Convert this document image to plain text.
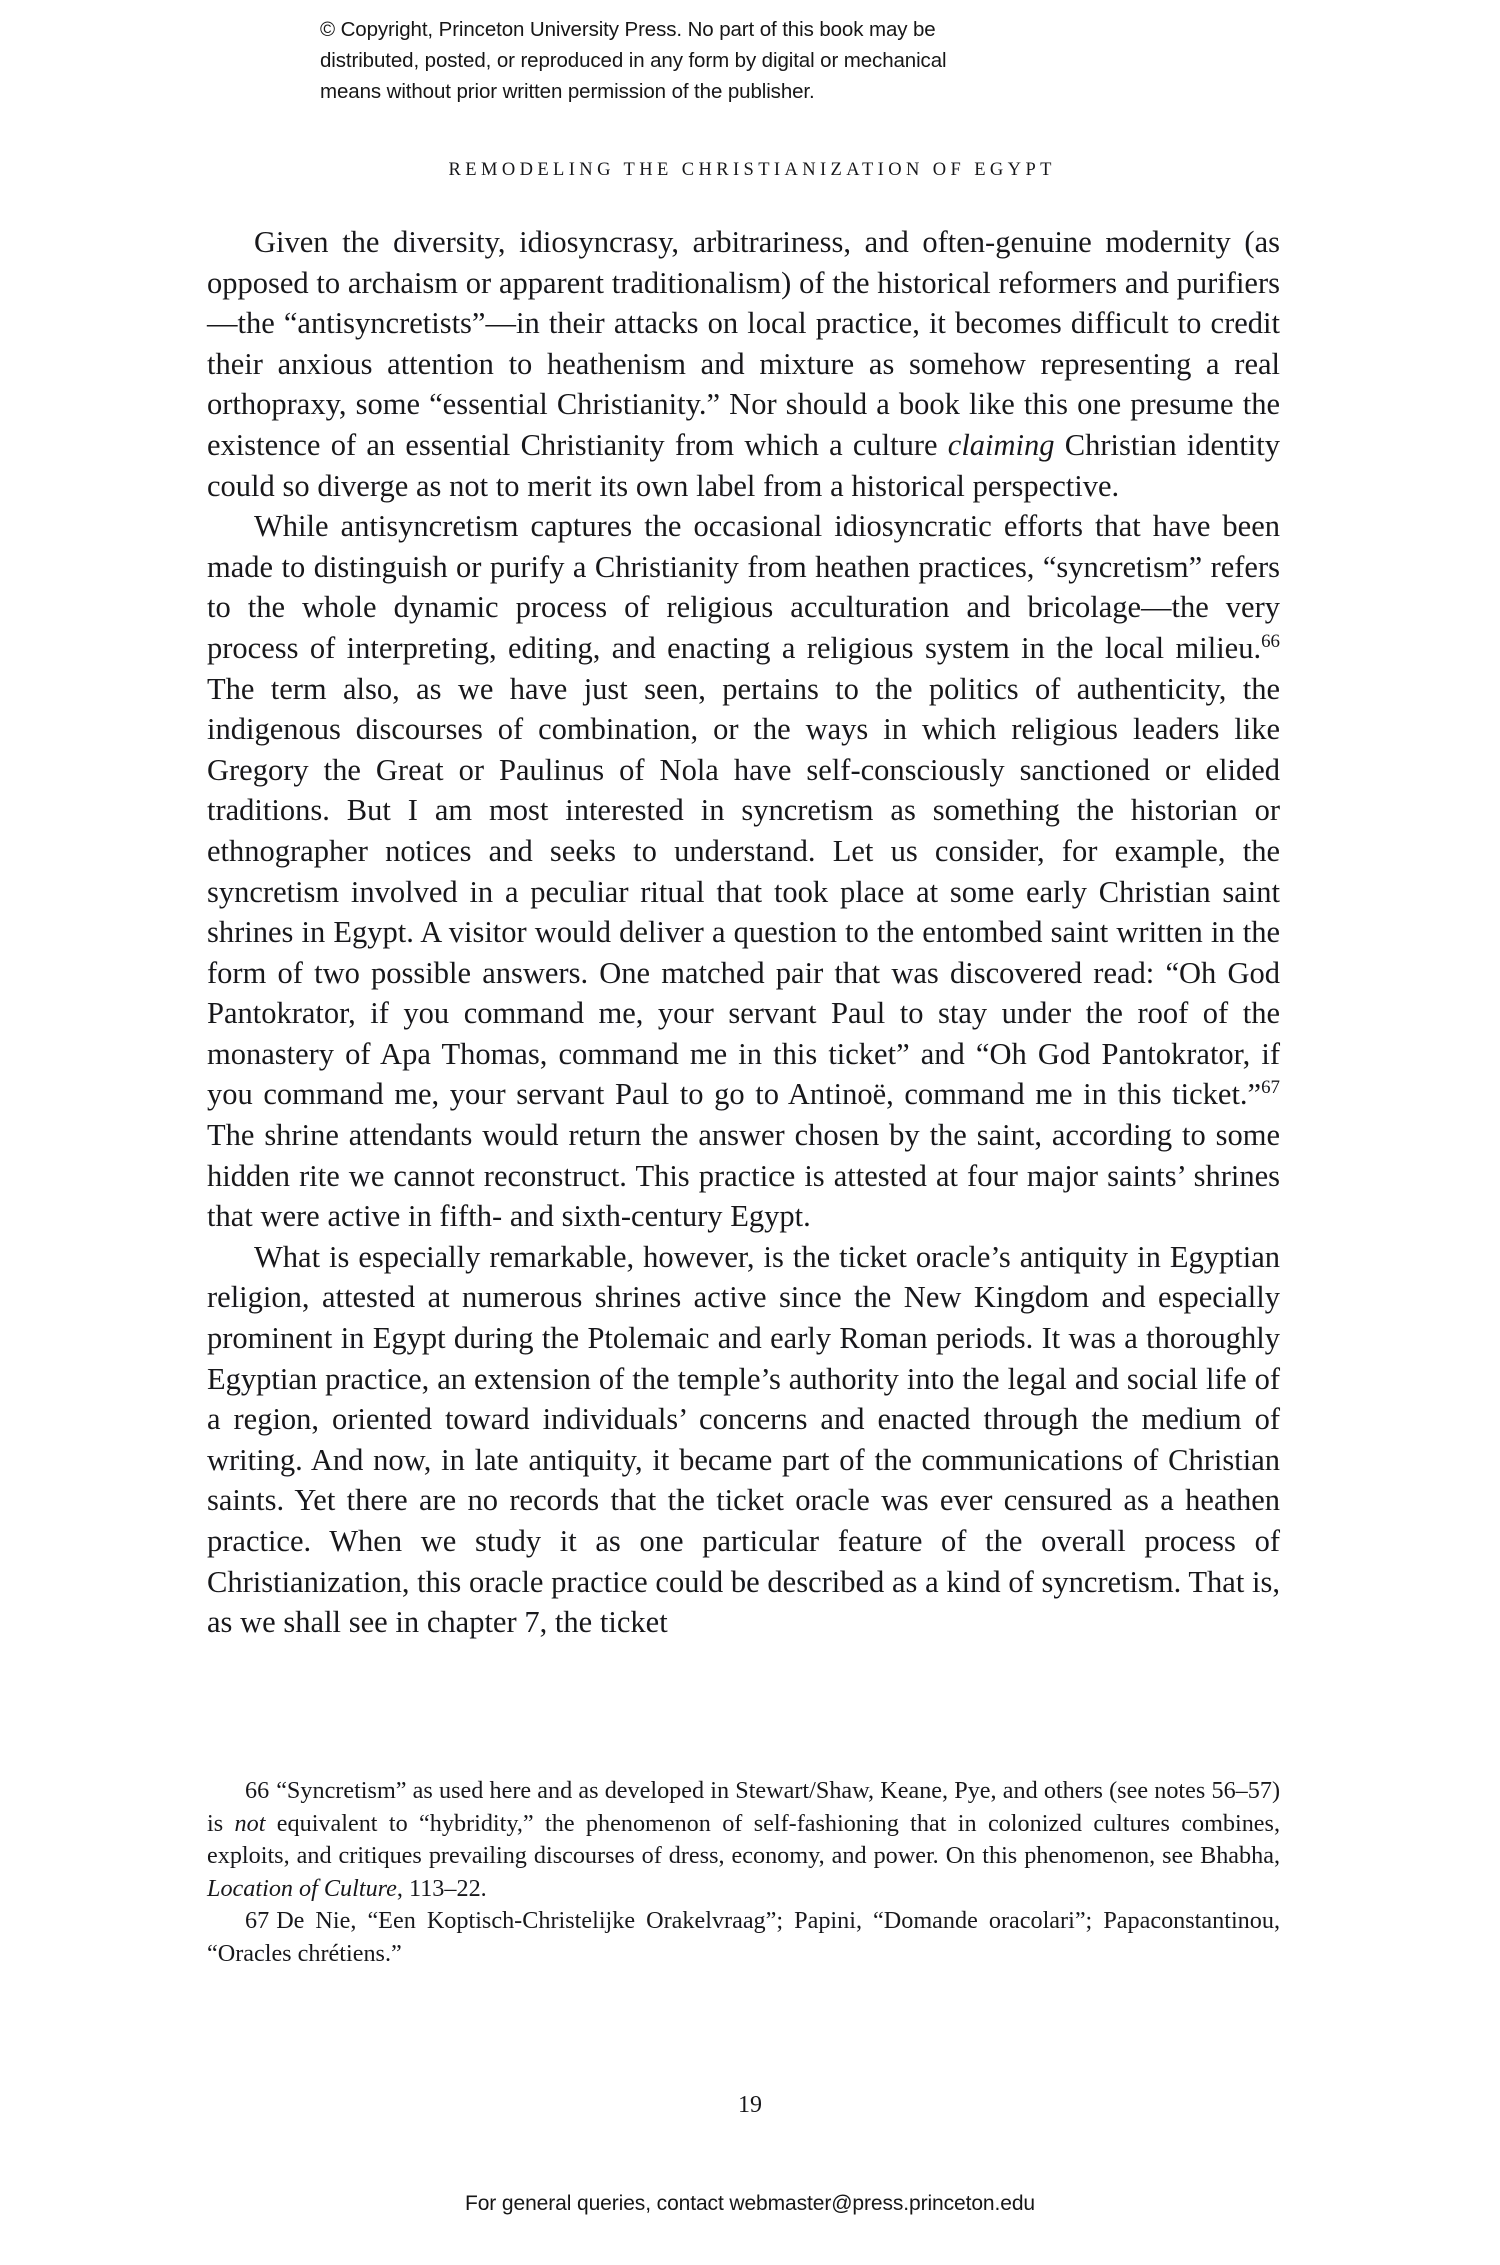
© Copyright, Princeton University Press. No part of this book may be
distributed, posted, or reproduced in any form by digital or mechanical
means without prior written permission of the publisher.
REMODELING THE CHRISTIANIZATION OF EGYPT

Given the diversity, idiosyncrasy, arbitrariness, and often-genuine modernity (as opposed to archaism or apparent traditionalism) of the historical reformers and purifiers—the “antisyncretists”—in their attacks on local practice, it becomes difficult to credit their anxious attention to heathenism and mixture as somehow representing a real orthopraxy, some “essential Christianity.” Nor should a book like this one presume the existence of an essential Christianity from which a culture claiming Christian identity could so diverge as not to merit its own label from a historical perspective.

While antisyncretism captures the occasional idiosyncratic efforts that have been made to distinguish or purify a Christianity from heathen practices, “syncretism” refers to the whole dynamic process of religious acculturation and bricolage—the very process of interpreting, editing, and enacting a religious system in the local milieu.$^{66}$ The term also, as we have just seen, pertains to the politics of authenticity, the indigenous discourses of combination, or the ways in which religious leaders like Gregory the Great or Paulinus of Nola have self-consciously sanctioned or elided traditions. But I am most interested in syncretism as something the historian or ethnographer notices and seeks to understand. Let us consider, for example, the syncretism involved in a peculiar ritual that took place at some early Christian saint shrines in Egypt. A visitor would deliver a question to the entombed saint written in the form of two possible answers. One matched pair that was discovered read: “Oh God Pantokrator, if you command me, your servant Paul to stay under the roof of the monastery of Apa Thomas, command me in this ticket” and “Oh God Pantokrator, if you command me, your servant Paul to go to Antinoë, command me in this ticket.”$^{67}$ The shrine attendants would return the answer chosen by the saint, according to some hidden rite we cannot reconstruct. This practice is attested at four major saints’ shrines that were active in fifth- and sixth-century Egypt.

What is especially remarkable, however, is the ticket oracle’s antiquity in Egyptian religion, attested at numerous shrines active since the New Kingdom and especially prominent in Egypt during the Ptolemaic and early Roman periods. It was a thoroughly Egyptian practice, an extension of the temple’s authority into the legal and social life of a region, oriented toward individuals’ concerns and enacted through the medium of writing. And now, in late antiquity, it became part of the communications of Christian saints. Yet there are no records that the ticket oracle was ever censured as a heathen practice. When we study it as one particular feature of the overall process of Christianization, this oracle practice could be described as a kind of syncretism. That is, as we shall see in chapter 7, the ticket

66 “Syncretism” as used here and as developed in Stewart/Shaw, Keane, Pye, and others (see notes 56–57) is not equivalent to “hybridity,” the phenomenon of self-fashioning that in colonized cultures combines, exploits, and critiques prevailing discourses of dress, economy, and power. On this phenomenon, see Bhabha, Location of Culture, 113–22.

67 De Nie, “Een Koptisch-Christelijke Orakelvraag”; Papini, “Domande oracolari”; Papaconstantinou, “Oracles chrétiens.”

19
For general queries, contact webmaster@press.princeton.edu
